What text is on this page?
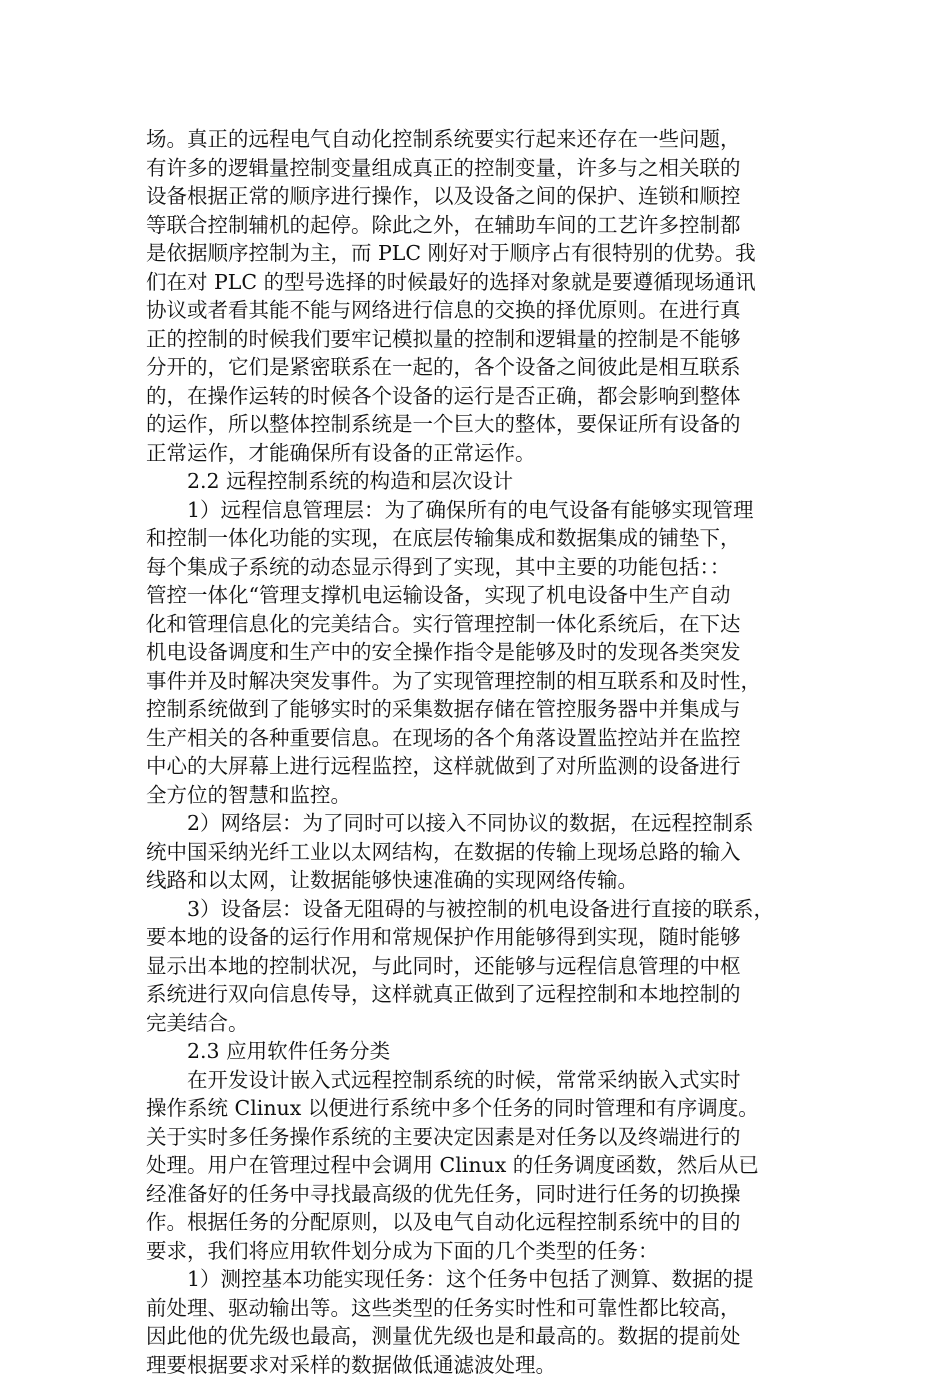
场。真正的远程电气自动化控制系统要实行起来还存在一些问题，
有许多的逻辑量控制变量组成真正的控制变量，许多与之相关联的
设备根据正常的顺序进行操作，以及设备之间的保护、连锁和顺控
等联合控制辅机的起停。除此之外，在辅助车间的工艺许多控制都
是依据顺序控制为主，而 PLC 刚好对于顺序占有很特别的优势。我
们在对 PLC 的型号选择的时候最好的选择对象就是要遵循现场通讯
协议或者看其能不能与网络进行信息的交换的择优原则。在进行真
正的控制的时候我们要牢记模拟量的控制和逻辑量的控制是不能够
分开的，它们是紧密联系在一起的，各个设备之间彼此是相互联系
的，在操作运转的时候各个设备的运行是否正确，都会影响到整体
的运作，所以整体控制系统是一个巨大的整体，要保证所有设备的
正常运作，才能确保所有设备的正常运作。
2.2 远程控制系统的构造和层次设计
1）远程信息管理层：为了确保所有的电气设备有能够实现管理
和控制一体化功能的实现，在底层传输集成和数据集成的铺垫下，
每个集成子系统的动态显示得到了实现，其中主要的功能包括：：
管控一体化“管理支撑机电运输设备，实现了机电设备中生产自动
化和管理信息化的完美结合。实行管理控制一体化系统后，在下达
机电设备调度和生产中的安全操作指令是能够及时的发现各类突发
事件并及时解决突发事件。为了实现管理控制的相互联系和及时性，
控制系统做到了能够实时的采集数据存储在管控服务器中并集成与
生产相关的各种重要信息。在现场的各个角落设置监控站并在监控
中心的大屏幕上进行远程监控，这样就做到了对所监测的设备进行
全方位的智慧和监控。
2）网络层：为了同时可以接入不同协议的数据，在远程控制系
统中国采纳光纤工业以太网结构，在数据的传输上现场总路的输入
线路和以太网，让数据能够快速准确的实现网络传输。
3）设备层：设备无阻碍的与被控制的机电设备进行直接的联系，
要本地的设备的运行作用和常规保护作用能够得到实现，随时能够
显示出本地的控制状况，与此同时，还能够与远程信息管理的中枢
系统进行双向信息传导，这样就真正做到了远程控制和本地控制的
完美结合。
2.3 应用软件任务分类
在开发设计嵌入式远程控制系统的时候，常常采纳嵌入式实时
操作系统 Clinux 以便进行系统中多个任务的同时管理和有序调度。
关于实时多任务操作系统的主要决定因素是对任务以及终端进行的
处理。用户在管理过程中会调用 Clinux 的任务调度函数，然后从已
经准备好的任务中寻找最高级的优先任务，同时进行任务的切换操
作。根据任务的分配原则，以及电气自动化远程控制系统中的目的
要求，我们将应用软件划分成为下面的几个类型的任务：
1）测控基本功能实现任务：这个任务中包括了测算、数据的提
前处理、驱动输出等。这些类型的任务实时性和可靠性都比较高，
因此他的优先级也最高，测量优先级也是和最高的。数据的提前处
理要根据要求对采样的数据做低通滤波处理。
